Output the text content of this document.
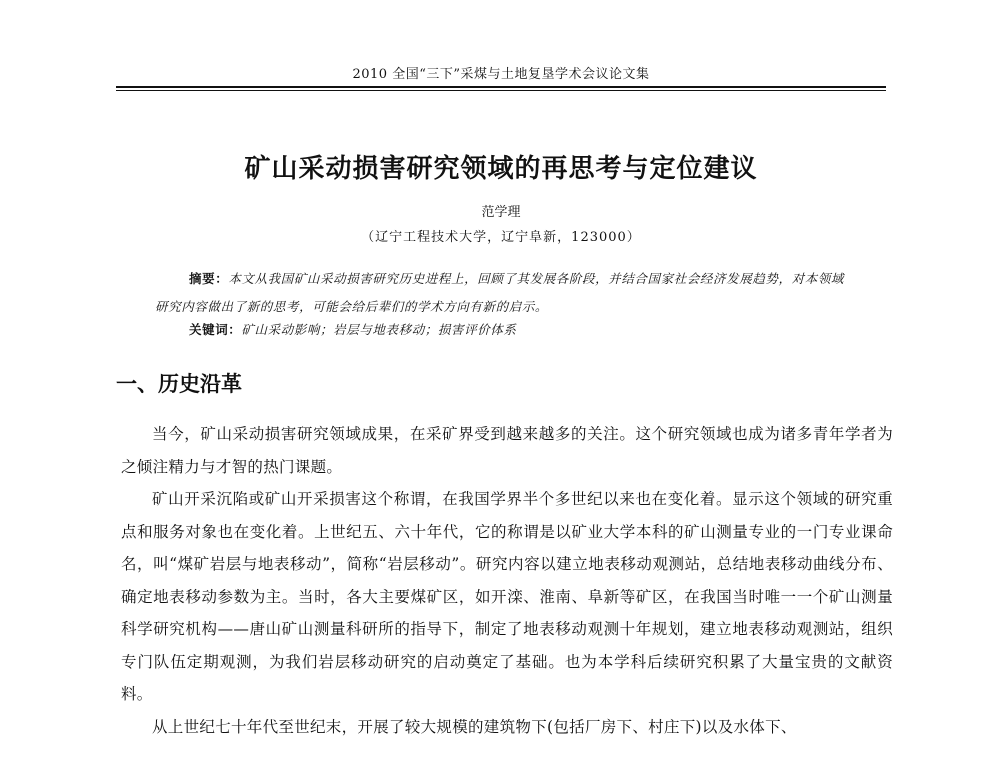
2010 全国“三下”采煤与土地复垦学术会议论文集
矿山采动损害研究领域的再思考与定位建议
范学理
（辽宁工程技术大学，辽宁阜新，123000）
摘要：本文从我国矿山采动损害研究历史进程上，回顾了其发展各阶段，并结合国家社会经济发展趋势，对本领域研究内容做出了新的思考，可能会给后辈们的学术方向有新的启示。
关键词：矿山采动影响；岩层与地表移动；损害评价体系
一、历史沿革

当今，矿山采动损害研究领域成果，在采矿界受到越来越多的关注。这个研究领域也成为诸多青年学者为之倾注精力与才智的热门课题。

矿山开采沉陷或矿山开采损害这个称谓，在我国学界半个多世纪以来也在变化着。显示这个领域的研究重点和服务对象也在变化着。上世纪五、六十年代，它的称谓是以矿业大学本科的矿山测量专业的一门专业课命名，叫“煤矿岩层与地表移动”，简称“岩层移动”。研究内容以建立地表移动观测站，总结地表移动曲线分布、确定地表移动参数为主。当时，各大主要煤矿区，如开滦、淮南、阜新等矿区，在我国当时唯一一个矿山测量科学研究机构——唐山矿山测量科研所的指导下，制定了地表移动观测十年规划，建立地表移动观测站，组织专门队伍定期观测，为我们岩层移动研究的启动奠定了基础。也为本学科后续研究积累了大量宝贵的文献资料。

从上世纪七十年代至世纪末，开展了较大规模的建筑物下(包括厂房下、村庄下)以及水体下、
